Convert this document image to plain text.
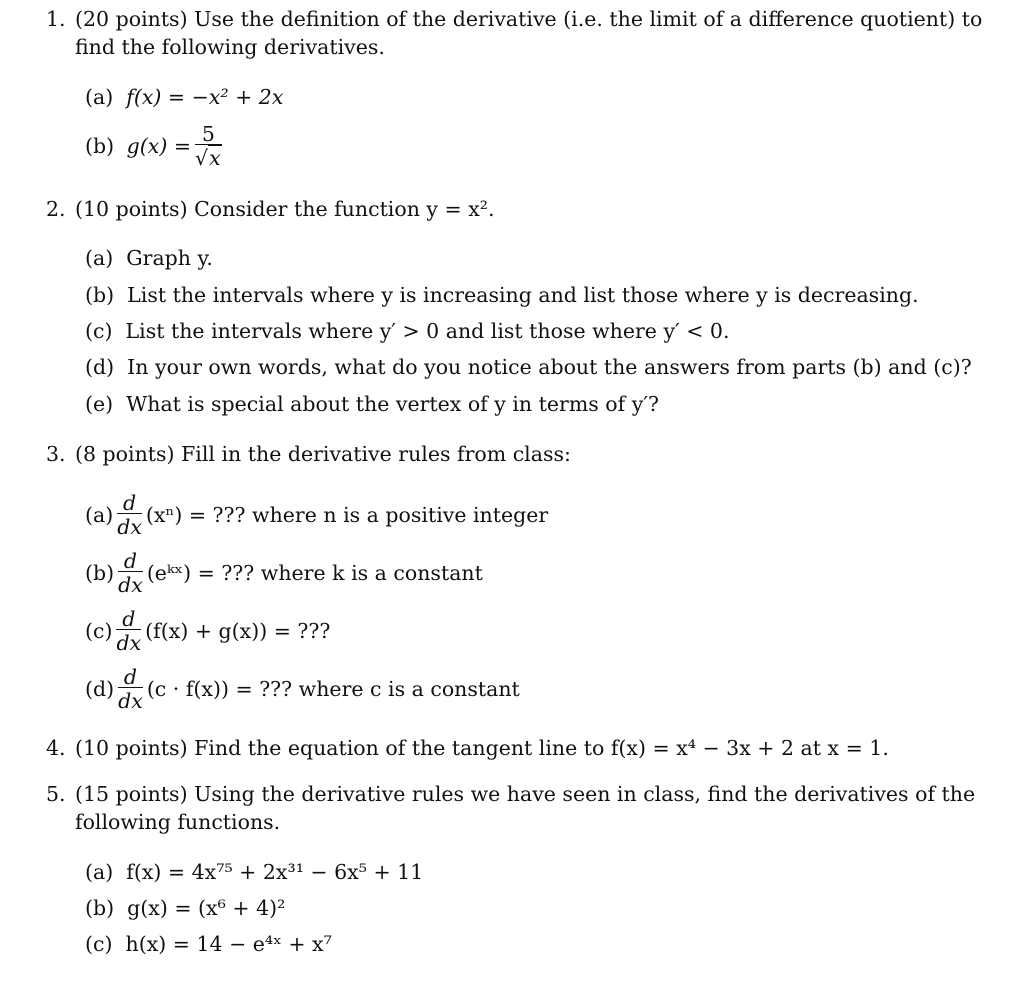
1. (20 points) Use the definition of the derivative (i.e. the limit of a difference quotient) to
find the following derivatives.
(a) f(x) = −x² + 2x
(b)
$g(x) = \frac{5}{√x}$
2. (10 points) Consider the function y = x².
(a) Graph y.
(b) List the intervals where y is increasing and list those where y is decreasing.
(c) List the intervals where y′ > 0 and list those where y′ < 0.
(d) In your own words, what do you notice about the answers from parts (b) and (c)?
(e) What is special about the vertex of y in terms of y′?
3. (8 points) Fill in the derivative rules from class:
$(a) \frac{d}{dx} (x^n)$ = ??? where n is a positive integer
$(b) \frac{d}{dx}$ (eᵏˣ) = ??? where k is a constant
$(c) \frac{d}{dx} (f(x) + g(x))$ = ???
$(d) \frac{d}{dx} (c \cdot f(x))$ = ??? where c is a constant
4. (10 points) Find the equation of the tangent line to f(x) = x⁴ − 3x + 2 at x = 1.
5. (15 points) Using the derivative rules we have seen in class, find the derivatives of the
following functions.
(a) f(x) = 4x⁷⁵ + 2x³¹ − 6x⁵ + 11
(b) g(x) = (x⁶ + 4)²
(c) h(x) = 14 − e⁴ˣ + x⁷
